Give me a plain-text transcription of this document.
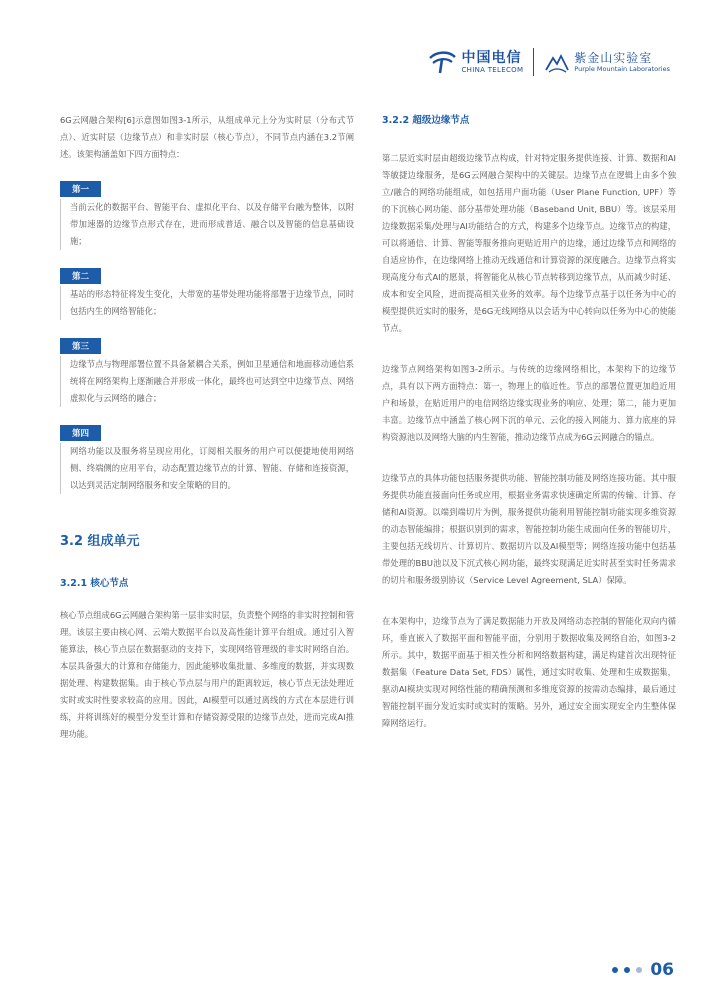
中国电信
CHINA TELECOM
紫金山实验室
Purple Mountain Laboratories

6G云网融合架构[6]示意图如图3-1所示，从组成单元上分为实时层（分布式节点）、近实时层（边缘节点）和非实时层（核心节点），不同节点内涵在3.2节阐述。该架构涵盖如下四方面特点：

第一

当前云化的数据平台、智能平台、虚拟化平台、以及存储平台融为整体，以附带加速器的边缘节点形式存在，进而形成普适、融合以及智能的信息基础设施；

第二

基站的形态特征将发生变化，大带宽的基带处理功能将部署于边缘节点，同时包括内生的网络智能化；

第三

边缘节点与物理部署位置不具备紧耦合关系，例如卫星通信和地面移动通信系统将在网络架构上逐渐融合并形成一体化，最终也可达到空中边缘节点、网络虚拟化与云网络的融合；

第四

网络功能以及服务将呈现应用化，订阅相关服务的用户可以便捷地使用网络侧、终端侧的应用平台，动态配置边缘节点的计算、智能、存储和连接资源，以达到灵活定制网络服务和安全策略的目的。

3.2 组成单元
3.2.1 核心节点

核心节点组成6G云网融合架构第一层非实时层，负责整个网络的非实时控制和管理。该层主要由核心网、云端大数据平台以及高性能计算平台组成。通过引入智能算法，核心节点层在数据驱动的支持下，实现网络管理级的非实时网络自治。本层具备强大的计算和存储能力，因此能够收集批量、多维度的数据，并实现数据处理、构建数据集。由于核心节点层与用户的距离较远，核心节点无法处理近实时或实时性要求较高的应用。因此，AI模型可以通过离线的方式在本层进行训练，并将训练好的模型分发至计算和存储资源受限的边缘节点处，进而完成AI推理功能。

3.2.2 超级边缘节点

第二层近实时层由超级边缘节点构成，针对特定服务提供连接、计算、数据和AI等敏捷边缘服务，是6G云网融合架构中的关键层。边缘节点在逻辑上由多个独立/融合的网络功能组成，如包括用户面功能（User Plane Function, UPF）等的下沉核心网功能、部分基带处理功能（Baseband Unit, BBU）等。该层采用边缘数据采集/处理与AI功能结合的方式，构建多个边缘节点。边缘节点的构建，可以将通信、计算、智能等服务推向更贴近用户的边缘，通过边缘节点和网络的自适应协作，在边缘网络上推动无线通信和计算资源的深度融合。边缘节点将实现高度分布式AI的愿景，将智能化从核心节点转移到边缘节点，从而减少时延、成本和安全风险，进而提高相关业务的效率。每个边缘节点基于以任务为中心的模型提供近实时的服务，是6G无线网络从以会话为中心转向以任务为中心的使能节点。

边缘节点网络架构如图3-2所示。与传统的边缘网络相比，本架构下的边缘节点，具有以下两方面特点：第一，物理上的临近性。节点的部署位置更加趋近用户和场景，在贴近用户的电信网络边缘实现业务的响应、处理；第二，能力更加丰富。边缘节点中涵盖了核心网下沉的单元、云化的接入网能力、算力底座的异构资源池以及网络大脑的内生智能，推动边缘节点成为6G云网融合的锚点。

边缘节点的具体功能包括服务提供功能、智能控制功能及网络连接功能。其中服务提供功能直接面向任务或应用，根据业务需求快速确定所需的传输、计算、存储和AI资源。以端到端切片为例，服务提供功能利用智能控制功能实现多维资源的动态智能编排；根据识别到的需求，智能控制功能生成面向任务的智能切片，主要包括无线切片、计算切片、数据切片以及AI模型等；网络连接功能中包括基带处理的BBU池以及下沉式核心网功能，最终实现满足近实时甚至实时任务需求的切片和服务级别协议（Service Level Agreement, SLA）保障。

在本架构中，边缘节点为了满足数据能力开放及网络动态控制的智能化双向内循环，垂直嵌入了数据平面和智能平面，分别用于数据收集及网络自治，如图3-2所示。其中，数据平面基于相关性分析和网络数据构建，满足构建首次出现特征数据集（Feature Data Set, FDS）属性，通过实时收集、处理和生成数据集，驱动AI模块实现对网络性能的精确预测和多维度资源的按需动态编排，最后通过智能控制平面分发近实时或实时的策略。另外，通过安全面实现安全内生整体保障网络运行。

06
